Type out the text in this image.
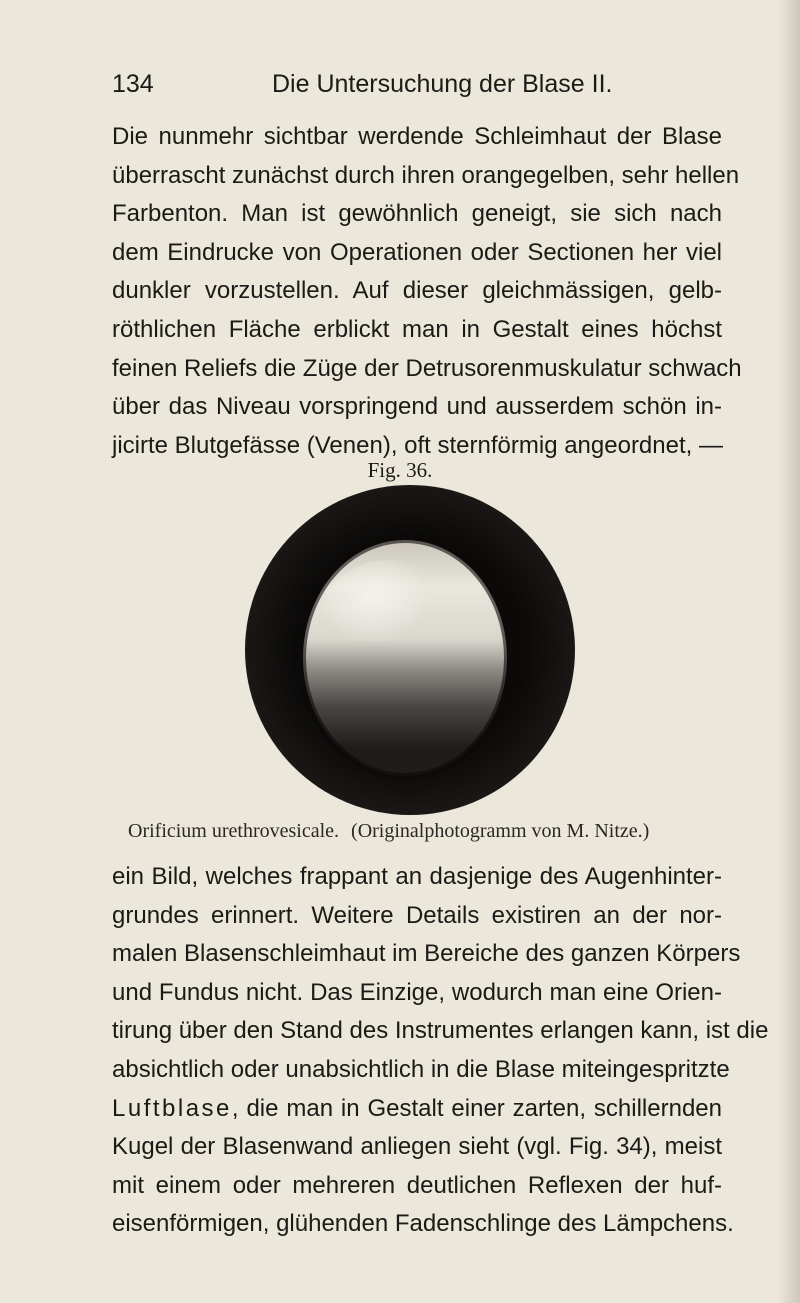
134	Die Untersuchung der Blase II.
Die nunmehr sichtbar werdende Schleimhaut der Blase
überrascht zunächst durch ihren orangegelben, sehr hellen
Farbenton. Man ist gewöhnlich geneigt, sie sich nach
dem Eindrucke von Operationen oder Sectionen her viel
dunkler vorzustellen. Auf dieser gleichmässigen, gelb-
röthlichen Fläche erblickt man in Gestalt eines höchst
feinen Reliefs die Züge der Detrusorenmuskulatur schwach
über das Niveau vorspringend und ausserdem schön in-
jicirte Blutgefässe (Venen), oft sternförmig angeordnet, —
Fig. 36.
Orificium urethrovesicale. (Originalphotogramm von M. Nitze.)
ein Bild, welches frappant an dasjenige des Augenhinter-
grundes erinnert. Weitere Details existiren an der nor-
malen Blasenschleimhaut im Bereiche des ganzen Körpers
und Fundus nicht. Das Einzige, wodurch man eine Orien-
tirung über den Stand des Instrumentes erlangen kann, ist die
absichtlich oder unabsichtlich in die Blase miteingespritzte
Luftblase, die man in Gestalt einer zarten, schillernden
Kugel der Blasenwand anliegen sieht (vgl. Fig. 34), meist
mit einem oder mehreren deutlichen Reflexen der huf-
eisenförmigen, glühenden Fadenschlinge des Lämpchens.
